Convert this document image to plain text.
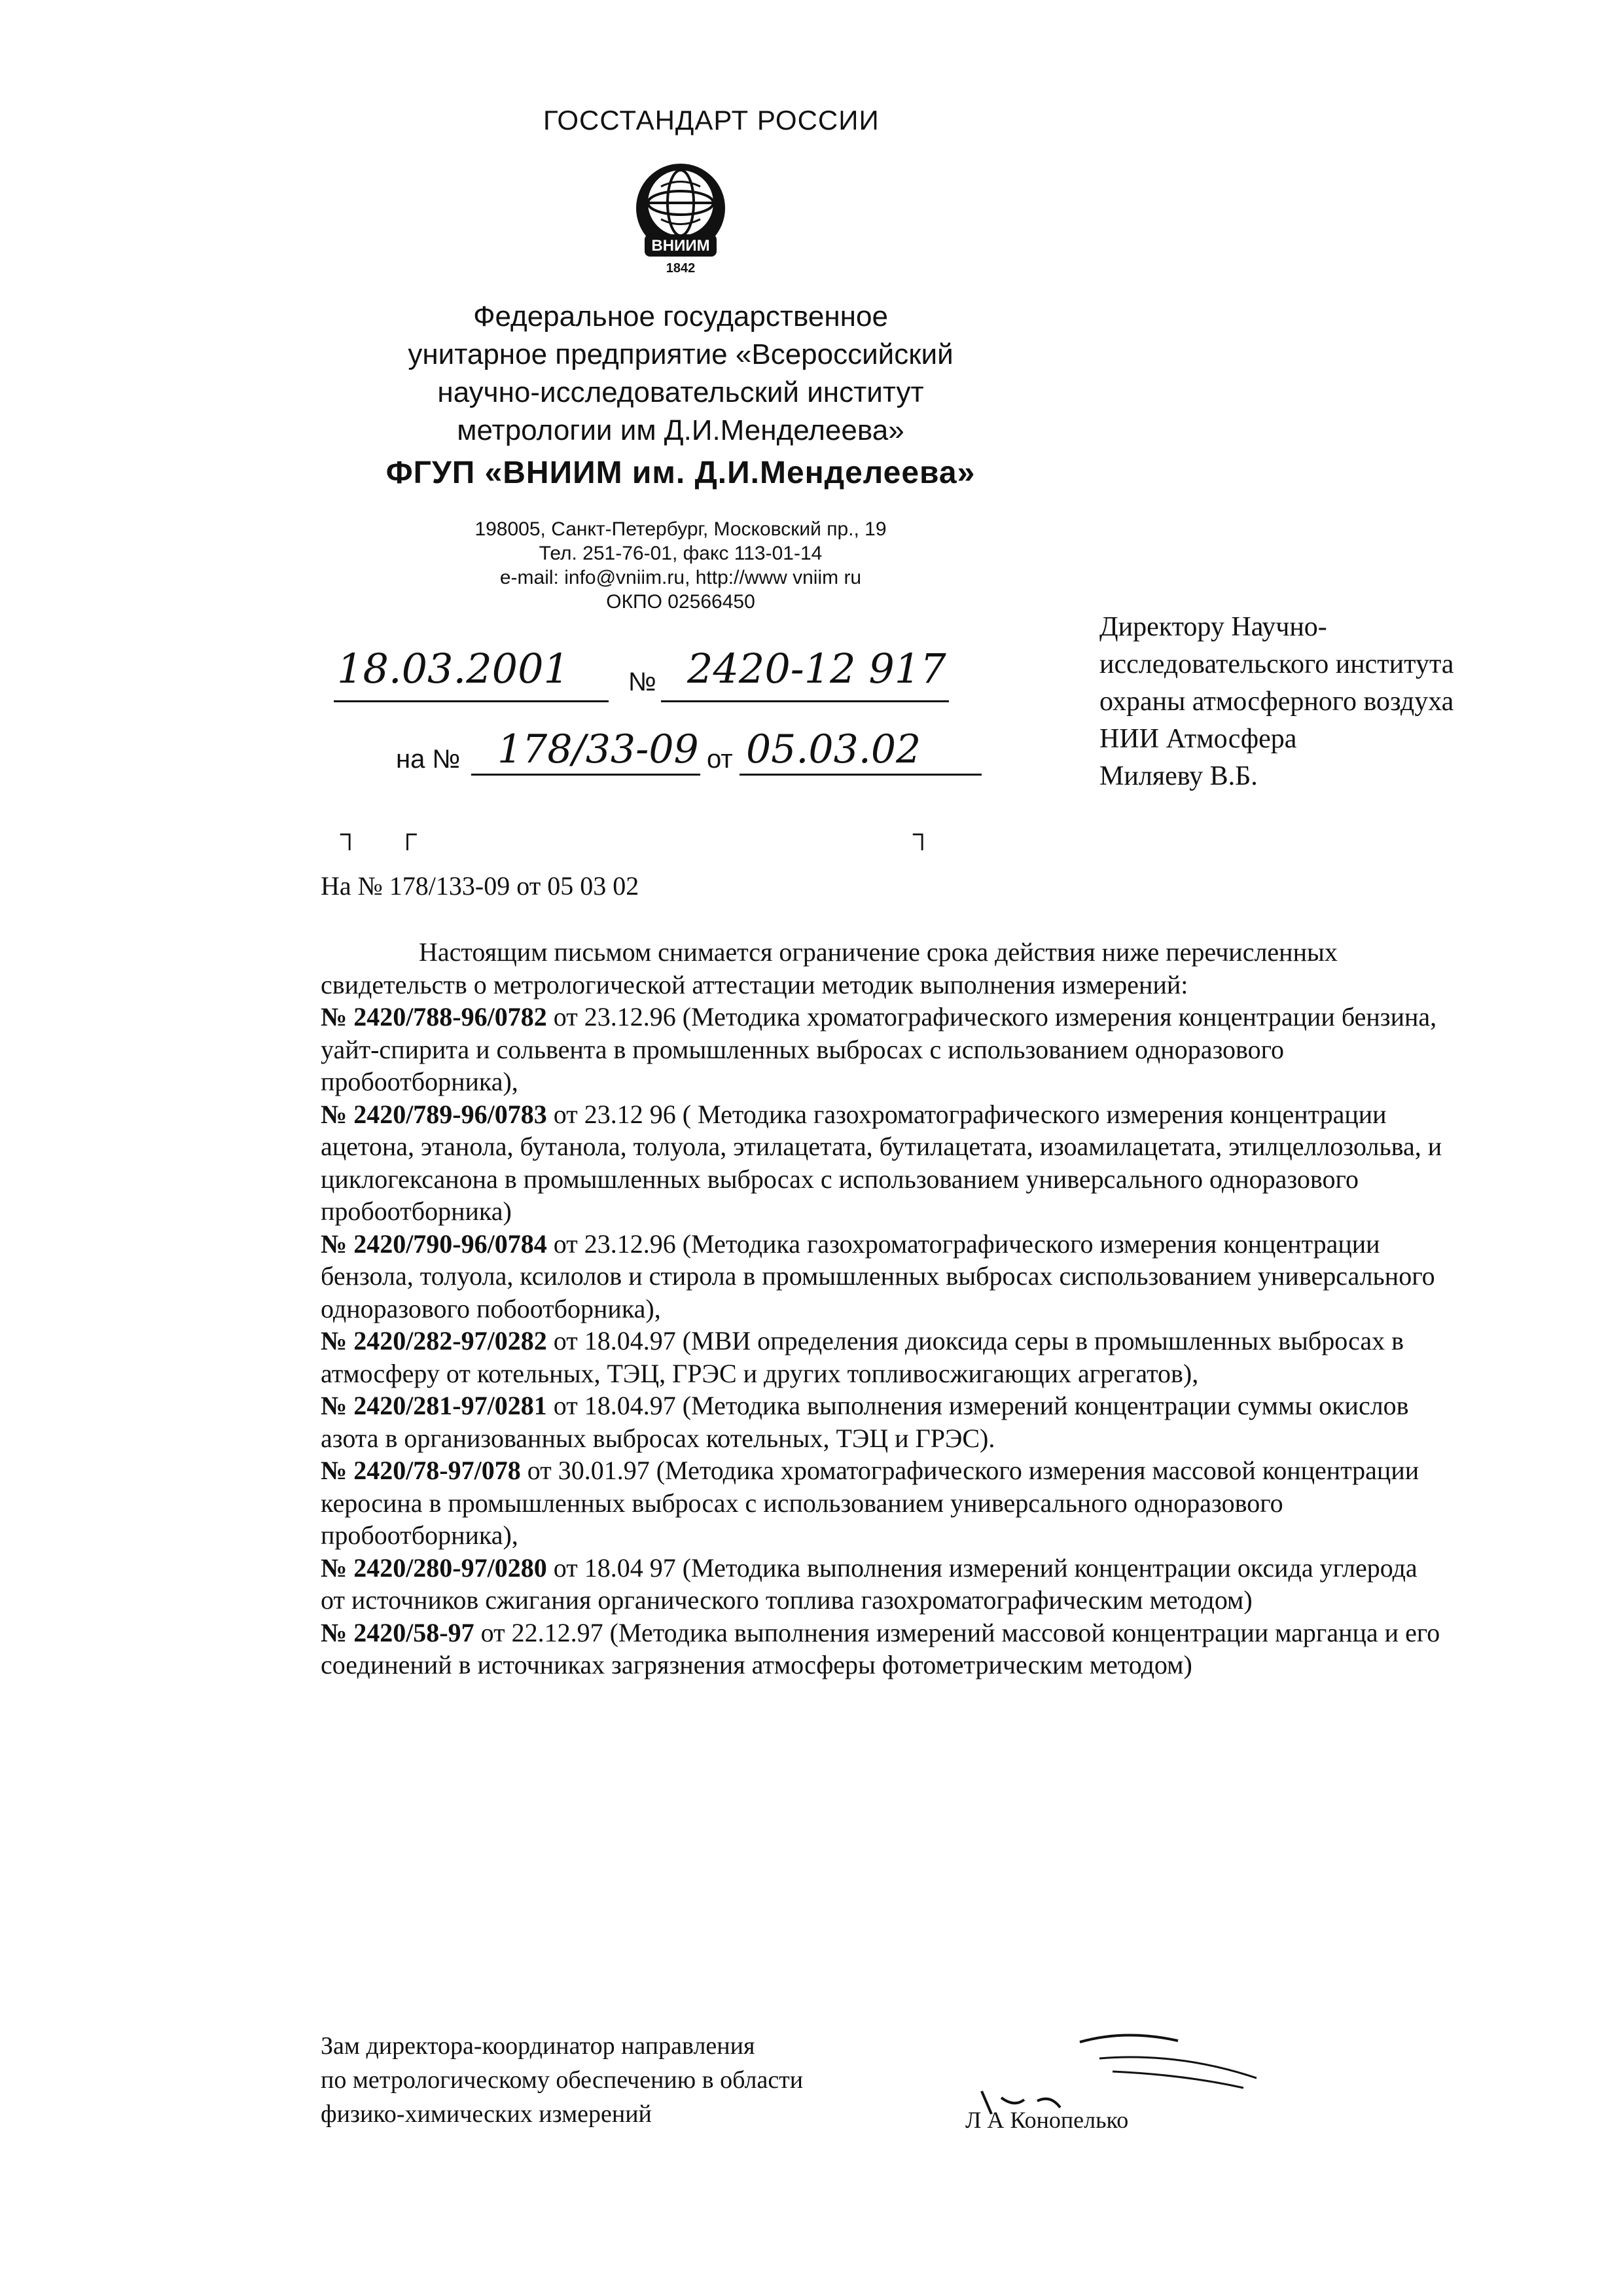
ГОССТАНДАРТ РОССИИ
ВНИИМ
1842
Федеральное государственное
унитарное предприятие «Всероссийский
научно-исследовательский институт
метрологии им Д.И.Менделеева»
ФГУП «ВНИИМ им. Д.И.Менделеева»
198005, Санкт-Петербург, Московский пр., 19
Тел. 251-76-01, факс 113-01-14
e-mail: info@vniim.ru, http://www vniim ru
ОКПО 02566450
18.03.2001 № 2420-12 917
на № 178/33-09 от 05.03.02
Директору Научно-
исследовательского института
охраны атмосферного воздуха
НИИ Атмосфера
Миляеву В.Б.
┐ ┌	┐
На № 178/133-09 от 05 03 02

Настоящим письмом снимается ограничение срока действия ниже перечисленных свидетельств о метрологической аттестации методик выполнения измерений:

№ 2420/788-96/0782 от 23.12.96 (Методика хроматографического измерения концентрации бензина, уайт-спирита и сольвента в промышленных выбросах с использованием одноразового пробоотборника),

№ 2420/789-96/0783 от 23.12 96 ( Методика газохроматографического измерения концентрации ацетона, этанола, бутанола, толуола, этилацетата, бутилацетата, изоамилацетата, этилцеллозольва, и циклогексанона в промышленных выбросах с использованием универсального одноразового пробоотборника)

№ 2420/790-96/0784 от 23.12.96 (Методика газохроматографического измерения концентрации бензола, толуола, ксилолов и стирола в промышленных выбросах сиспользованием универсального одноразового побоотборника),

№ 2420/282-97/0282 от 18.04.97 (МВИ определения диоксида серы в промышленных выбросах в атмосферу от котельных, ТЭЦ, ГРЭС и других топливосжигающих агрегатов),

№ 2420/281-97/0281 от 18.04.97 (Методика выполнения измерений концентрации суммы окислов азота в организованных выбросах котельных, ТЭЦ и ГРЭС).

№ 2420/78-97/078 от 30.01.97 (Методика хроматографического измерения массовой концентрации керосина в промышленных выбросах с использованием универсального одноразового пробоотборника),

№ 2420/280-97/0280 от 18.04 97 (Методика выполнения измерений концентрации оксида углерода от источников сжигания органического топлива газохроматографическим методом)

№ 2420/58-97 от 22.12.97 (Методика выполнения измерений массовой концентрации марганца и его соединений в источниках загрязнения атмосферы фотометрическим методом)

Зам директора-координатор направления
по метрологическому обеспечению в области
физико-химических измерений	Л А Конопелько
